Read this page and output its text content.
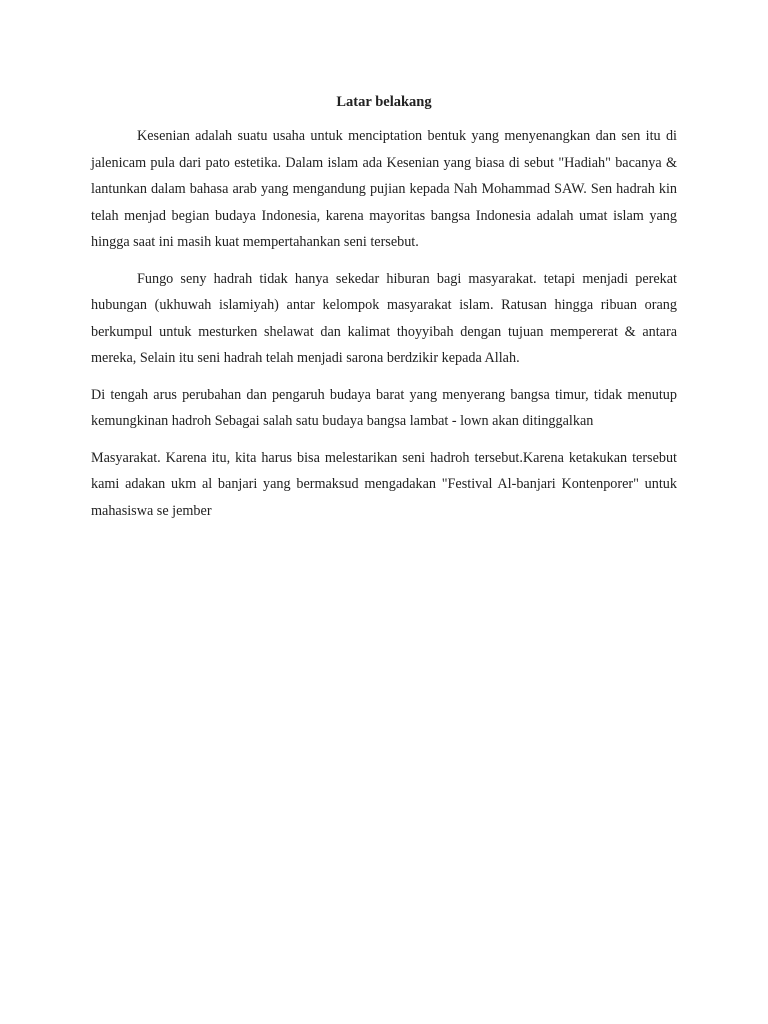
Latar belakang

Kesenian adalah suatu usaha untuk menciptation bentuk yang menyenangkan dan sen itu di jalenicam pula dari pato estetika. Dalam islam ada Kesenian yang biasa di sebut "Hadiah" bacanya & lantunkan dalam bahasa arab yang mengandung pujian kepada Nah Mohammad SAW. Sen hadrah kin telah menjad begian budaya Indonesia, karena mayoritas bangsa Indonesia adalah umat islam yang hingga saat ini masih kuat mempertahankan seni tersebut.

Fungo seny hadrah tidak hanya sekedar hiburan bagi masyarakat. tetapi menjadi perekat hubungan (ukhuwah islamiyah) antar kelompok masyarakat islam. Ratusan hingga ribuan orang berkumpul untuk mesturken shelawat dan kalimat thoyyibah dengan tujuan mempererat & antara mereka, Selain itu seni hadrah telah menjadi sarona berdzikir kepada Allah.

Di tengah arus perubahan dan pengaruh budaya barat yang menyerang bangsa timur, tidak menutup kemungkinan hadroh Sebagai salah satu budaya bangsa lambat - lown akan ditinggalkan

Masyarakat. Karena itu, kita harus bisa melestarikan seni hadroh tersebut.Karena ketakukan tersebut kami adakan ukm al banjari yang bermaksud mengadakan "Festival Al-banjari Kontenporer" untuk mahasiswa se jember
